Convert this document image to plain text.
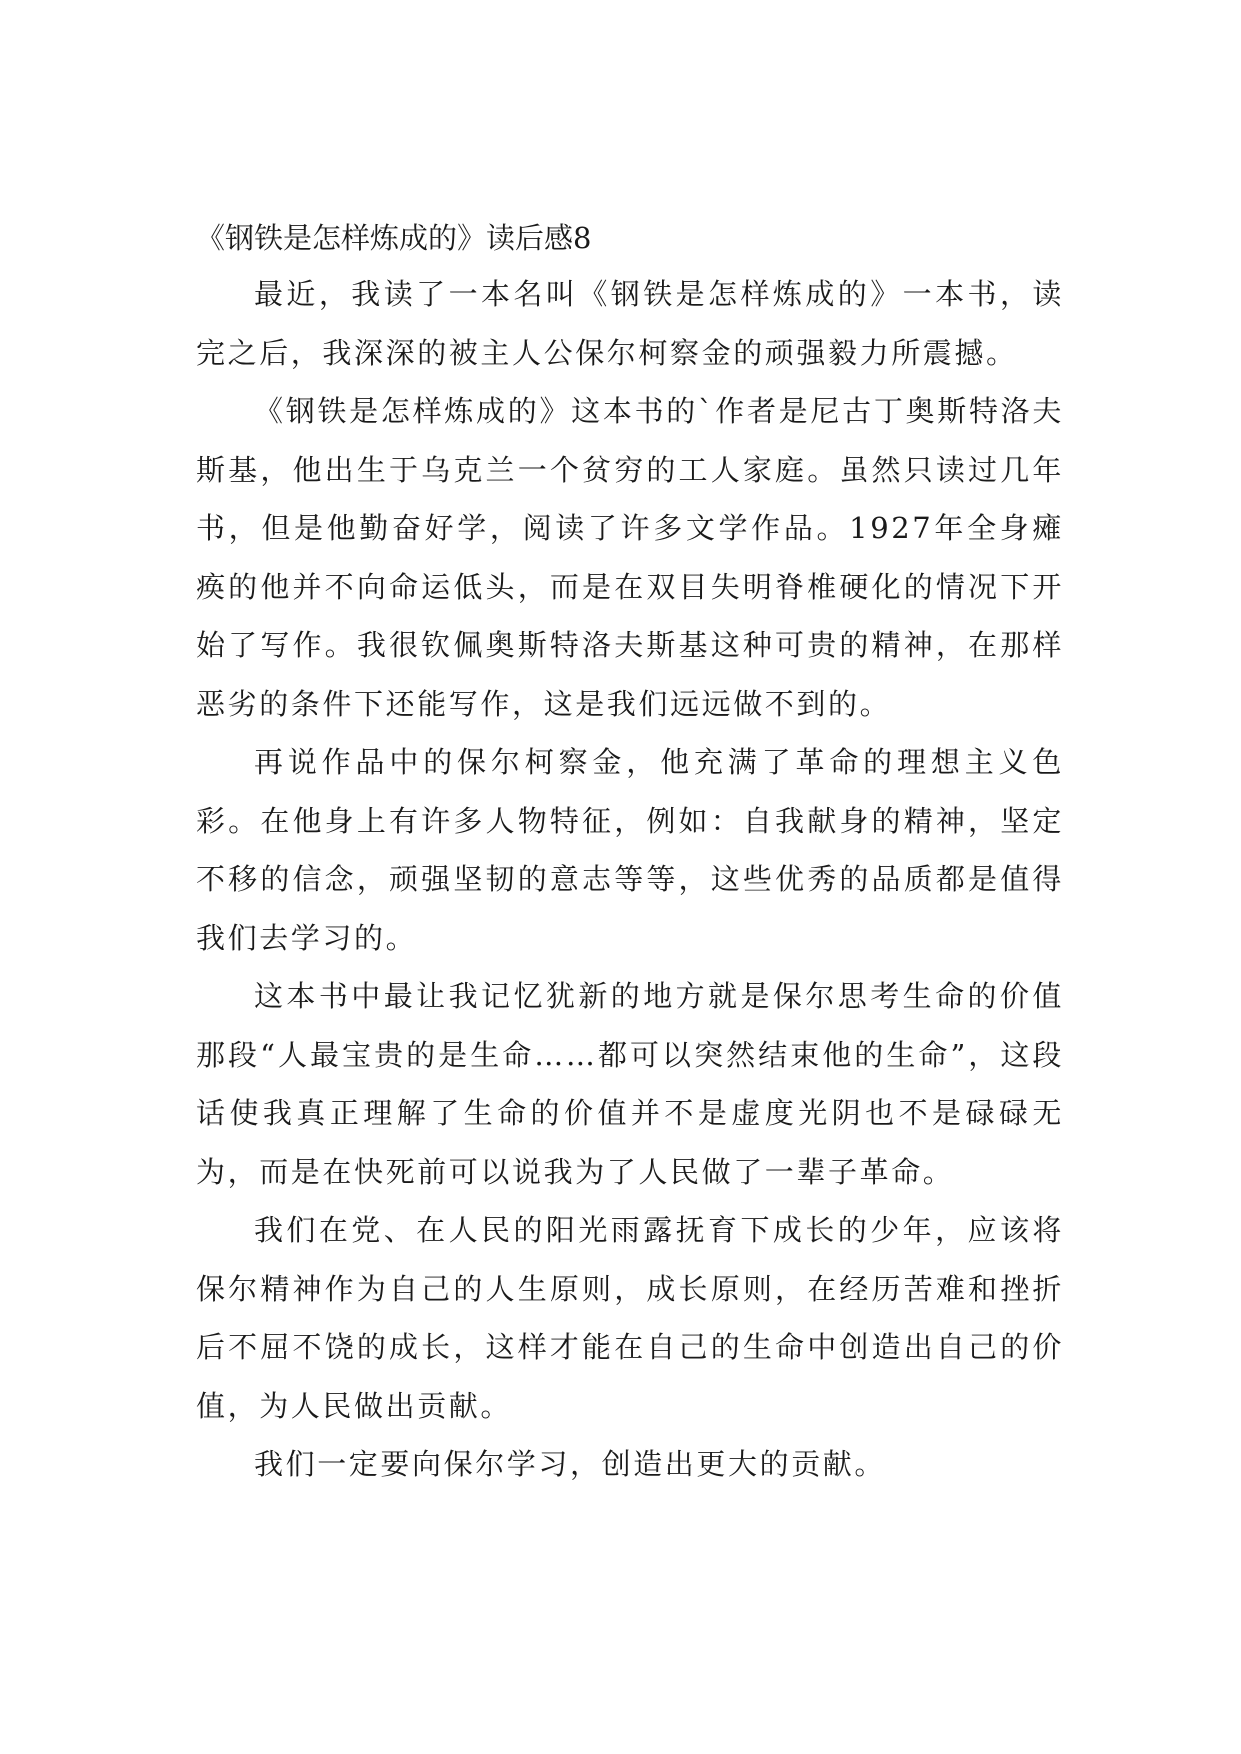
《钢铁是怎样炼成的》读后感8

最近，我读了一本名叫《钢铁是怎样炼成的》一本书，读完之后，我深深的被主人公保尔柯察金的顽强毅力所震撼。

《钢铁是怎样炼成的》这本书的`作者是尼古丁奥斯特洛夫斯基，他出生于乌克兰一个贫穷的工人家庭。虽然只读过几年书，但是他勤奋好学，阅读了许多文学作品。1927年全身瘫痪的他并不向命运低头，而是在双目失明脊椎硬化的情况下开始了写作。我很钦佩奥斯特洛夫斯基这种可贵的精神，在那样恶劣的条件下还能写作，这是我们远远做不到的。

再说作品中的保尔柯察金，他充满了革命的理想主义色彩。在他身上有许多人物特征，例如：自我献身的精神，坚定不移的信念，顽强坚韧的意志等等，这些优秀的品质都是值得我们去学习的。

这本书中最让我记忆犹新的地方就是保尔思考生命的价值那段“人最宝贵的是生命……都可以突然结束他的生命”，这段话使我真正理解了生命的价值并不是虚度光阴也不是碌碌无为，而是在快死前可以说我为了人民做了一辈子革命。

我们在党、在人民的阳光雨露抚育下成长的少年，应该将保尔精神作为自己的人生原则，成长原则，在经历苦难和挫折后不屈不饶的成长，这样才能在自己的生命中创造出自己的价值，为人民做出贡献。

我们一定要向保尔学习，创造出更大的贡献。
